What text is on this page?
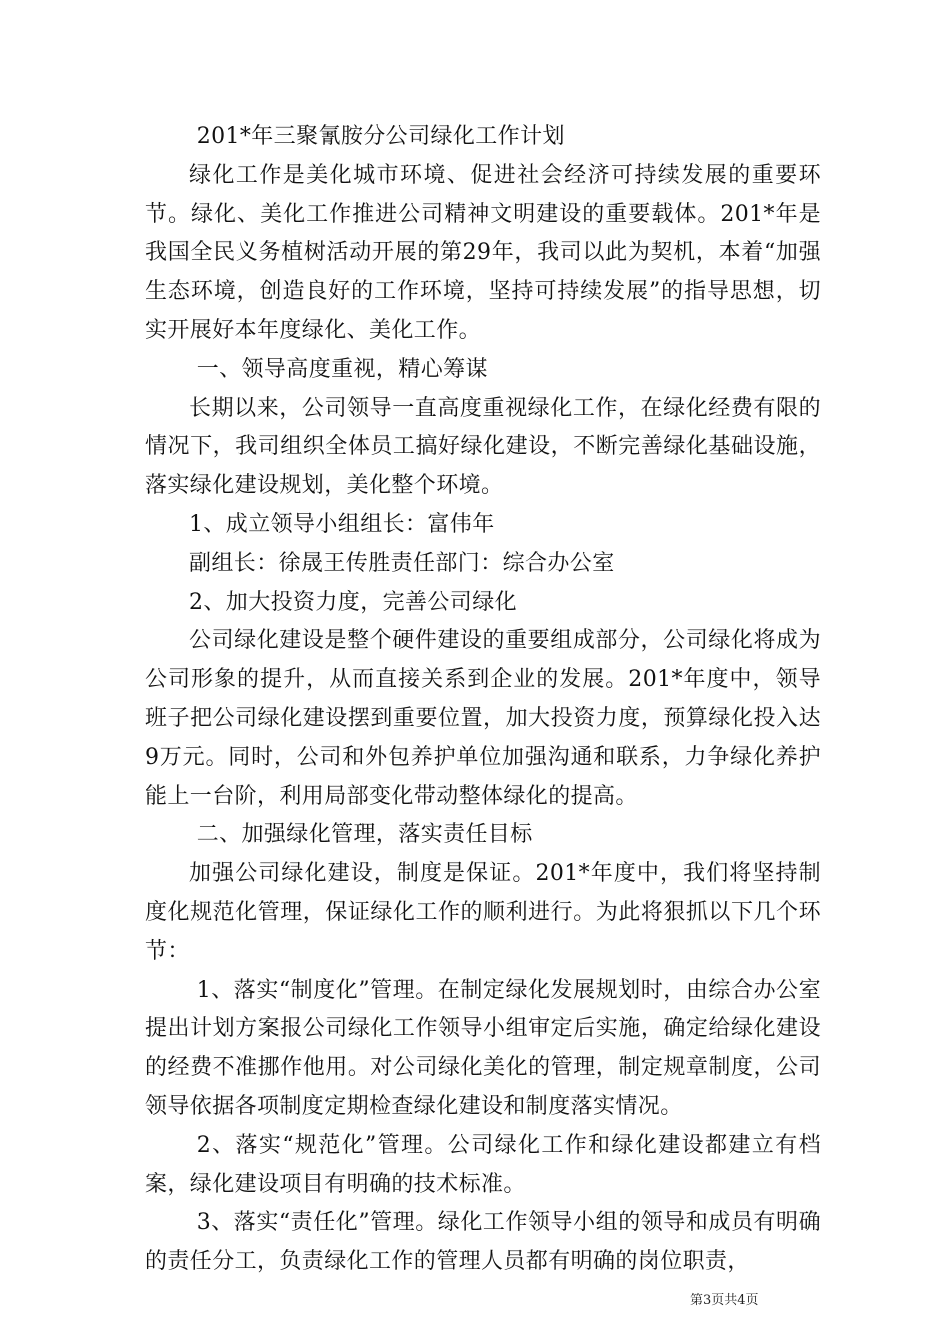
201*年三聚氰胺分公司绿化工作计划

绿化工作是美化城市环境、促进社会经济可持续发展的重要环节。绿化、美化工作推进公司精神文明建设的重要载体。201*年是我国全民义务植树活动开展的第29年，我司以此为契机，本着“加强生态环境，创造良好的工作环境，坚持可持续发展”的指导思想，切实开展好本年度绿化、美化工作。

一、领导高度重视，精心筹谋

长期以来，公司领导一直高度重视绿化工作，在绿化经费有限的情况下，我司组织全体员工搞好绿化建设，不断完善绿化基础设施，落实绿化建设规划，美化整个环境。

1、成立领导小组组长：富伟年

副组长：徐晟王传胜责任部门：综合办公室

2、加大投资力度，完善公司绿化

公司绿化建设是整个硬件建设的重要组成部分，公司绿化将成为公司形象的提升，从而直接关系到企业的发展。201*年度中，领导班子把公司绿化建设摆到重要位置，加大投资力度，预算绿化投入达9万元。同时，公司和外包养护单位加强沟通和联系，力争绿化养护能上一台阶，利用局部变化带动整体绿化的提高。

二、加强绿化管理，落实责任目标

加强公司绿化建设，制度是保证。201*年度中，我们将坚持制度化规范化管理，保证绿化工作的顺利进行。为此将狠抓以下几个环节：

1、落实“制度化”管理。在制定绿化发展规划时，由综合办公室提出计划方案报公司绿化工作领导小组审定后实施，确定给绿化建设的经费不准挪作他用。对公司绿化美化的管理，制定规章制度，公司领导依据各项制度定期检查绿化建设和制度落实情况。

2、落实“规范化”管理。公司绿化工作和绿化建设都建立有档案，绿化建设项目有明确的技术标准。

3、落实“责任化”管理。绿化工作领导小组的领导和成员有明确的责任分工，负责绿化工作的管理人员都有明确的岗位职责，

第3页共4页
